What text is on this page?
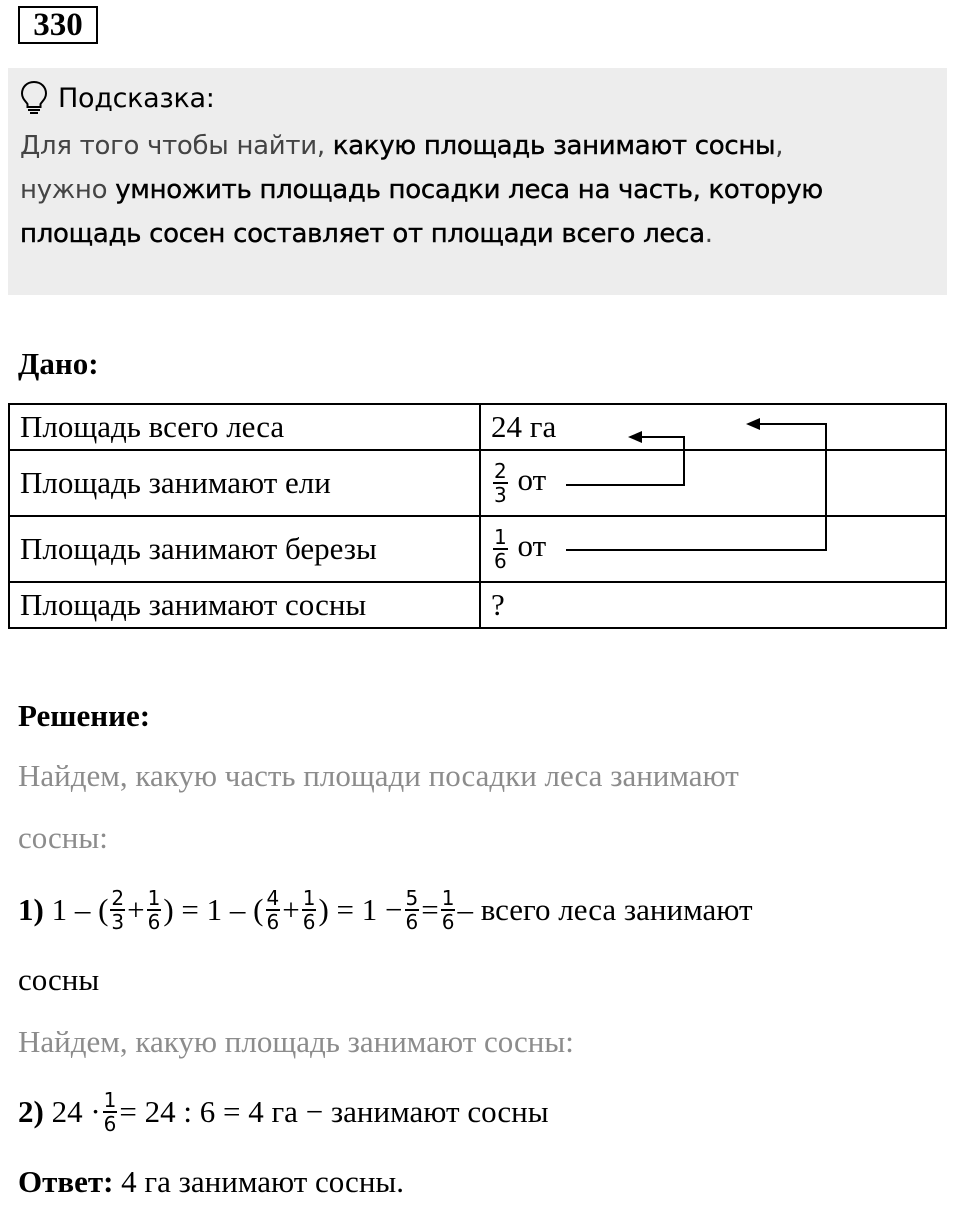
330
Подсказка:
Для того чтобы найти, какую площадь занимают сосны,
нужно умножить площадь посадки леса на часть, которую
площадь сосен составляет от площади всего леса.
Дано:
Площадь всего леса	24 га
Площадь занимают ели	$\frac{2}{3}$ от
Площадь занимают березы	$\frac{1}{6}$ от
Площадь занимают сосны	?
Решение:
Найдем, какую часть площади посадки леса занимают
сосны:
1) 1 – ( $\frac{2}{3} + \frac{1}{6}$ ) = 1 – ( $\frac{4}{6} + \frac{1}{6}$ ) = $1 - \frac{5}{6} = \frac{1}{6}$ – всего леса занимают
сосны
Найдем, какую площадь занимают сосны:
2) $24 \cdot \frac{1}{6} = 24$ : 6 = 4 га − занимают сосны
Ответ: 4 га занимают сосны.
